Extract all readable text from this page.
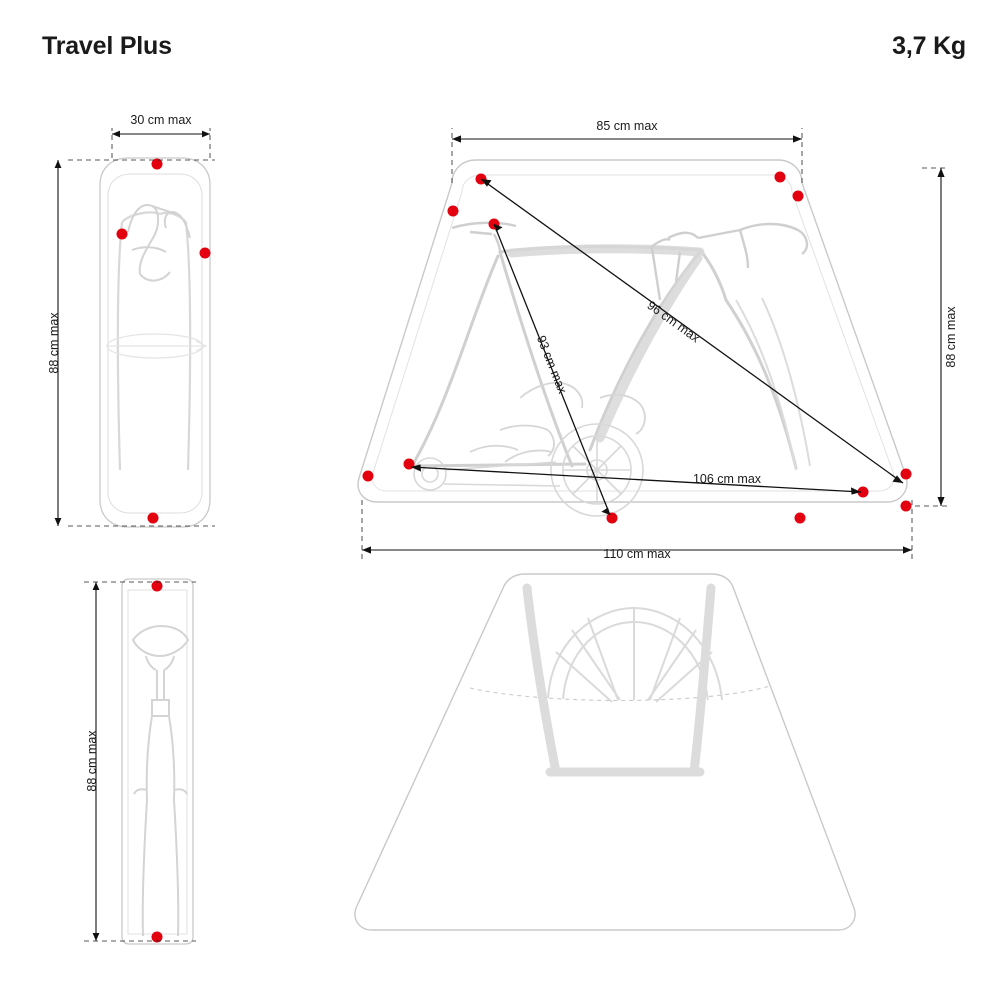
Travel Plus	3,7 Kg
30 cm max
88 cm max
88 cm max
85 cm max
110 cm max
88 cm max
96 cm max
93 cm max
106 cm max
